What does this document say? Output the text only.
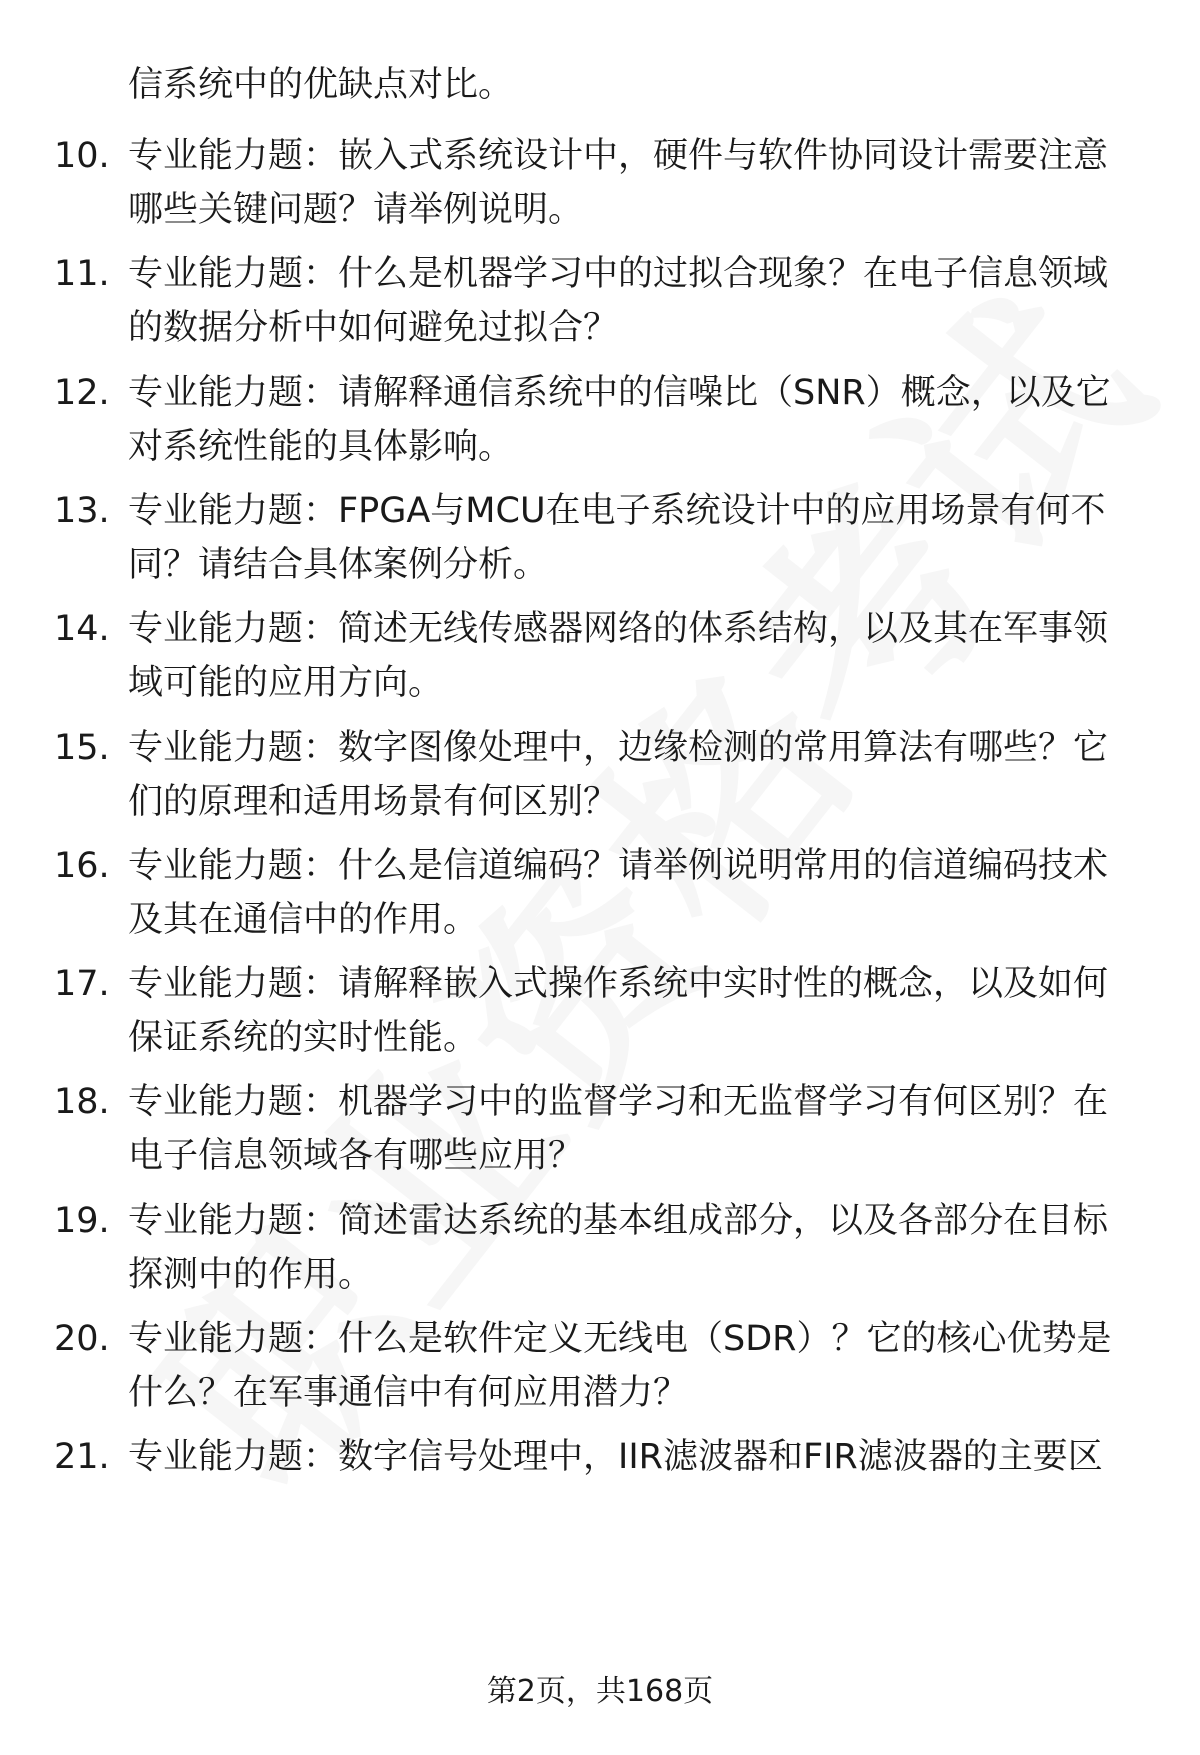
信系统中的优缺点对比。
10. 专业能力题：嵌入式系统设计中，硬件与软件协同设计需要注意
哪些关键问题？请举例说明。
11. 专业能力题：什么是机器学习中的过拟合现象？在电子信息领域
的数据分析中如何避免过拟合？
12. 专业能力题：请解释通信系统中的信噪比（SNR）概念，以及它
对系统性能的具体影响。
13. 专业能力题：FPGA与MCU在电子系统设计中的应用场景有何不
同？请结合具体案例分析。
14. 专业能力题：简述无线传感器网络的体系结构，以及其在军事领
域可能的应用方向。
15. 专业能力题：数字图像处理中，边缘检测的常用算法有哪些？它
们的原理和适用场景有何区别？
16. 专业能力题：什么是信道编码？请举例说明常用的信道编码技术
及其在通信中的作用。
17. 专业能力题：请解释嵌入式操作系统中实时性的概念，以及如何
保证系统的实时性能。
18. 专业能力题：机器学习中的监督学习和无监督学习有何区别？在
电子信息领域各有哪些应用？
19. 专业能力题：简述雷达系统的基本组成部分，以及各部分在目标
探测中的作用。
20. 专业能力题：什么是软件定义无线电（SDR）？它的核心优势是
什么？在军事通信中有何应用潜力？
21. 专业能力题：数字信号处理中，IIR滤波器和FIR滤波器的主要区
第2页，共168页
